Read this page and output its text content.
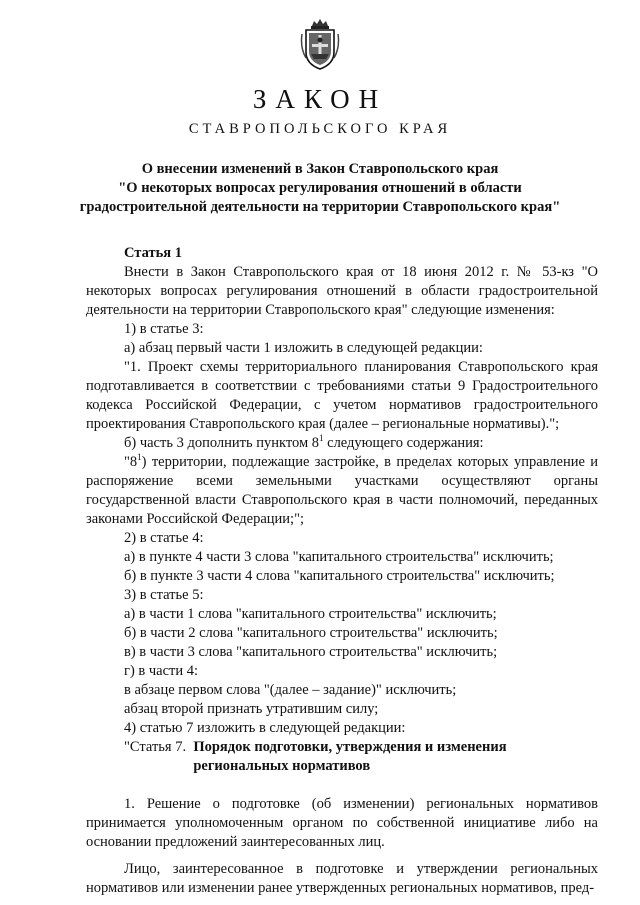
ЗАКОН
СТАВРОПОЛЬСКОГО КРАЯ
О внесении изменений в Закон Ставропольского края
"О некоторых вопросах регулирования отношений в области
градостроительной деятельности на территории Ставропольского края"

Статья 1

Внести в Закон Ставропольского края от 18 июня 2012 г. № 53-кз "О некоторых вопросах регулирования отношений в области градостроительной деятельности на территории Ставропольского края" следующие изменения:

1) в статье 3:

а) абзац первый части 1 изложить в следующей редакции:

"1. Проект схемы территориального планирования Ставропольского края подготавливается в соответствии с требованиями статьи 9 Градостроительного кодекса Российской Федерации, с учетом нормативов градостроительного проектирования Ставропольского края (далее – региональные нормативы).";

б) часть 3 дополнить пунктом $8^1$ следующего содержания:

"$8^1$) территории, подлежащие застройке, в пределах которых управление и распоряжение всеми земельными участками осуществляют органы государственной власти Ставропольского края в части полномочий, переданных законами Российской Федерации;";

2) в статье 4:

а) в пункте 4 части 3 слова "капитального строительства" исключить;

б) в пункте 3 части 4 слова "капитального строительства" исключить;

3) в статье 5:

а) в части 1 слова "капитального строительства" исключить;

б) в части 2 слова "капитального строительства" исключить;

в) в части 3 слова "капитального строительства" исключить;

г) в части 4:

в абзаце первом слова "(далее – задание)" исключить;

абзац второй признать утратившим силу;

4) статью 7 изложить в следующей редакции:

"Статья 7. Порядок подготовки, утверждения и изменения
региональных нормативов

1. Решение о подготовке (об изменении) региональных нормативов принимается уполномоченным органом по собственной инициативе либо на основании предложений заинтересованных лиц.

Лицо, заинтересованное в подготовке и утверждении региональных нормативов или изменении ранее утвержденных региональных нормативов, пред-
